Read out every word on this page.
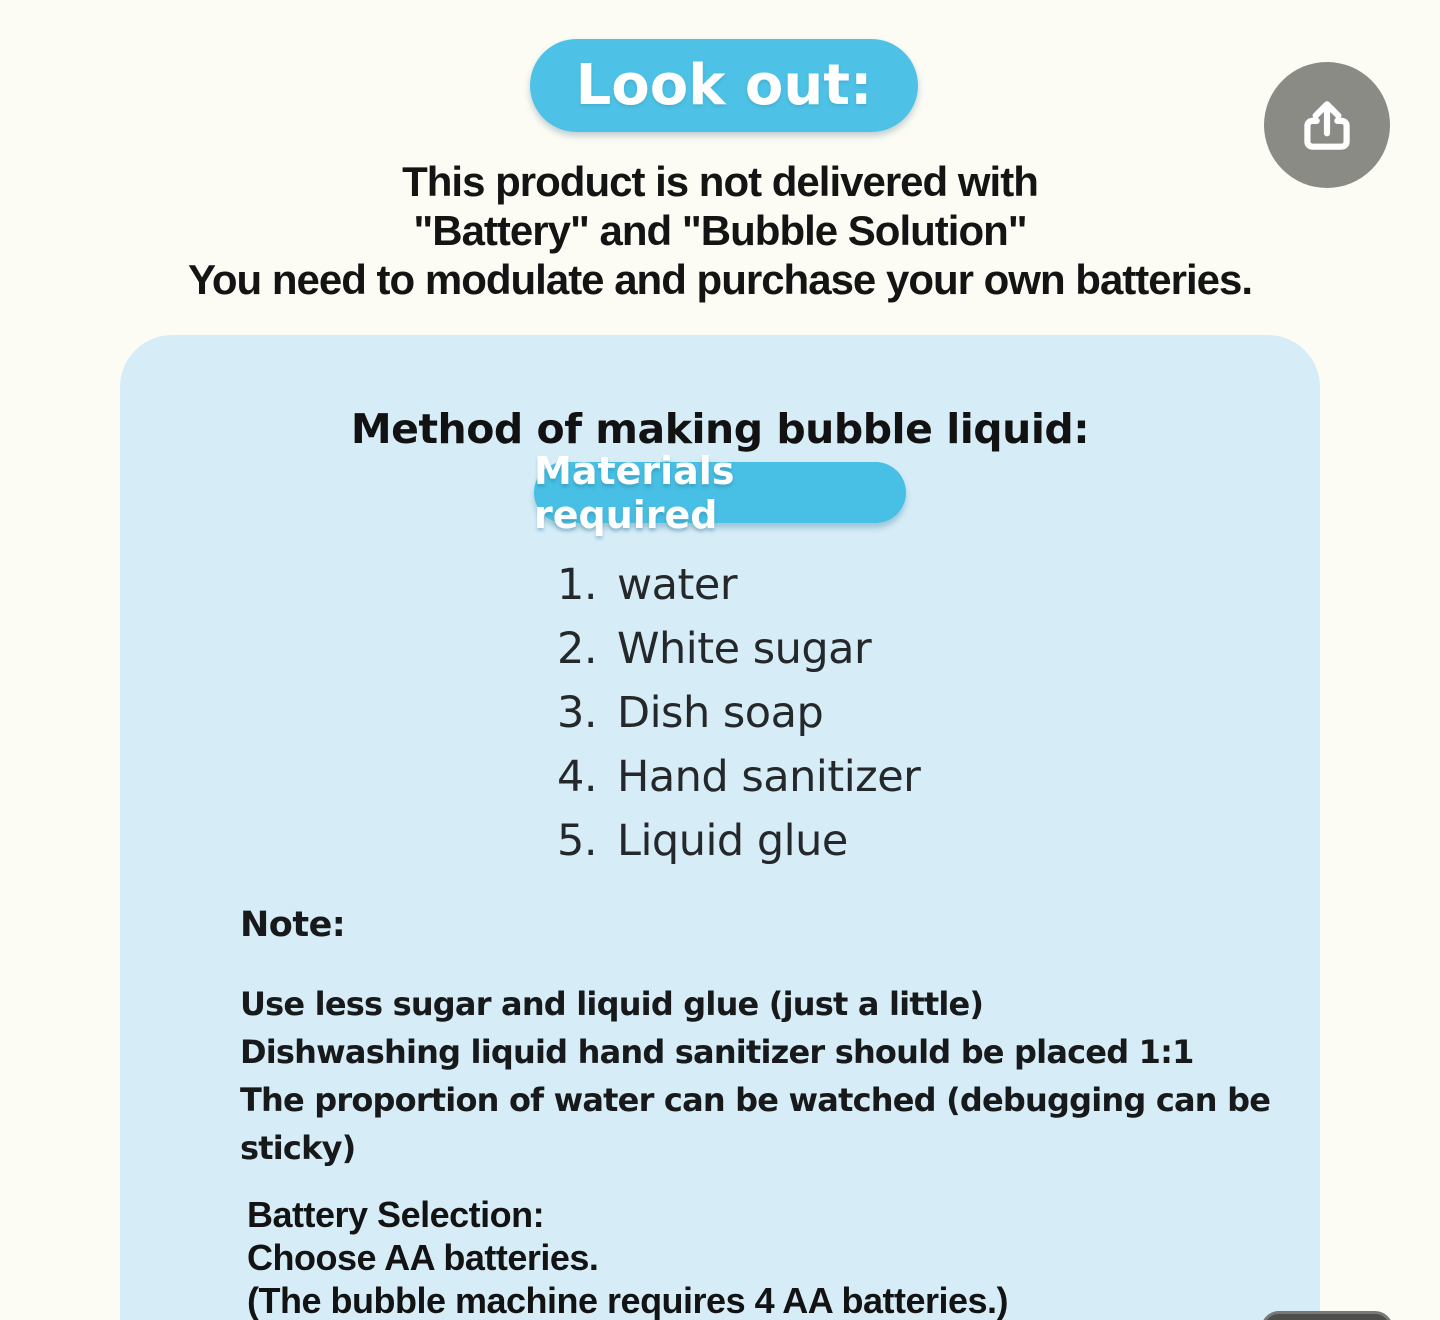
Look out:
This product is not delivered with
"Battery" and "Bubble Solution"
You need to modulate and purchase your own batteries.
Method of making bubble liquid:
Materials required
1. water
2. White sugar
3. Dish soap
4. Hand sanitizer
5. Liquid glue
Note:
Use less sugar and liquid glue (just a little)
Dishwashing liquid hand sanitizer should be placed 1:1
The proportion of water can be watched (debugging can be sticky)
Battery Selection:
Choose AA batteries.
(The bubble machine requires 4 AA batteries.)
